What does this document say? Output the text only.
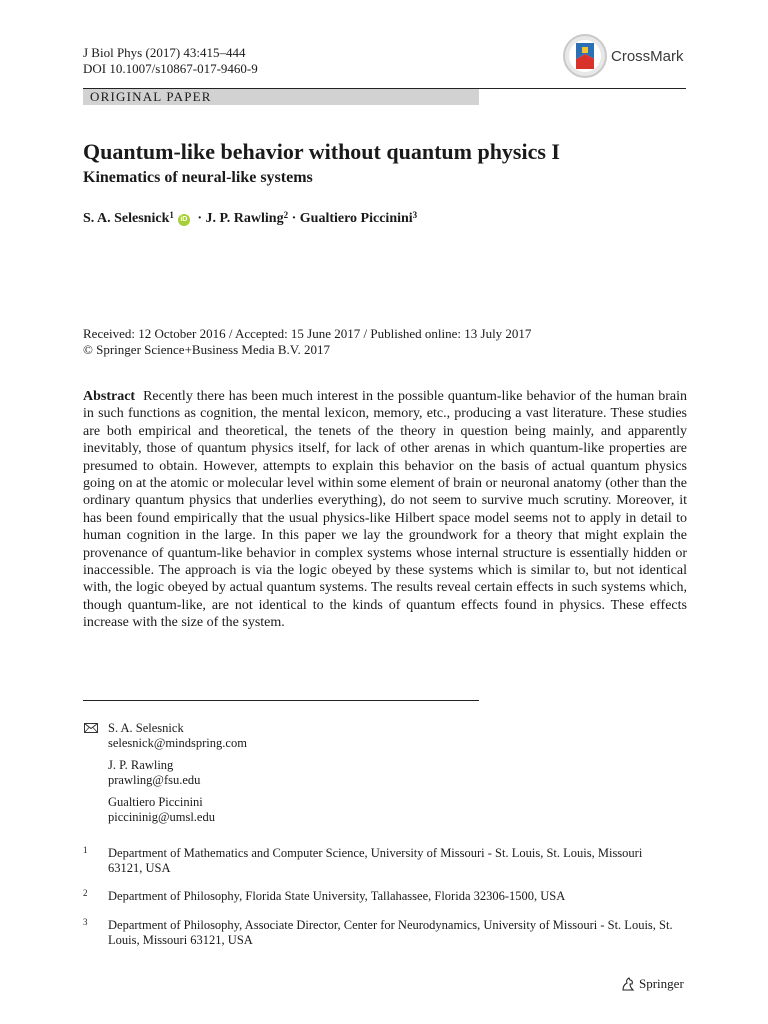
J Biol Phys (2017) 43:415–444
DOI 10.1007/s10867-017-9460-9
CrossMark
ORIGINAL PAPER
Quantum-like behavior without quantum physics I
Kinematics of neural-like systems
S. A. Selesnick$^1$ iD · J. P. Rawling$^2$ · Gualtiero Piccinini$^3$
Received: 12 October 2016 / Accepted: 15 June 2017 / Published online: 13 July 2017
© Springer Science+Business Media B.V. 2017
Abstract Recently there has been much interest in the possible quantum-like behavior of the human brain in such functions as cognition, the mental lexicon, memory, etc., producing a vast literature. These studies are both empirical and theoretical, the tenets of the theory in question being mainly, and apparently inevitably, those of quantum physics itself, for lack of other arenas in which quantum-like properties are presumed to obtain. However, attempts to explain this behavior on the basis of actual quantum physics going on at the atomic or molecular level within some element of brain or neuronal anatomy (other than the ordinary quantum physics that underlies everything), do not seem to survive much scrutiny. Moreover, it has been found empirically that the usual physics-like Hilbert space model seems not to apply in detail to human cognition in the large. In this paper we lay the groundwork for a theory that might explain the provenance of quantum-like behavior in complex systems whose internal structure is essentially hidden or inaccessible. The approach is via the logic obeyed by these systems which is similar to, but not identical with, the logic obeyed by actual quantum systems. The results reveal certain effects in such systems which, though quantum-like, are not identical to the kinds of quantum effects found in physics. These effects increase with the size of the system.
S. A. Selesnick
selesnick@mindspring.com
J. P. Rawling
prawling@fsu.edu
Gualtiero Piccinini
piccininig@umsl.edu
1 Department of Mathematics and Computer Science, University of Missouri - St. Louis, St. Louis, Missouri 63121, USA
2 Department of Philosophy, Florida State University, Tallahassee, Florida 32306-1500, USA
3 Department of Philosophy, Associate Director, Center for Neurodynamics, University of Missouri - St. Louis, St. Louis, Missouri 63121, USA
Springer
